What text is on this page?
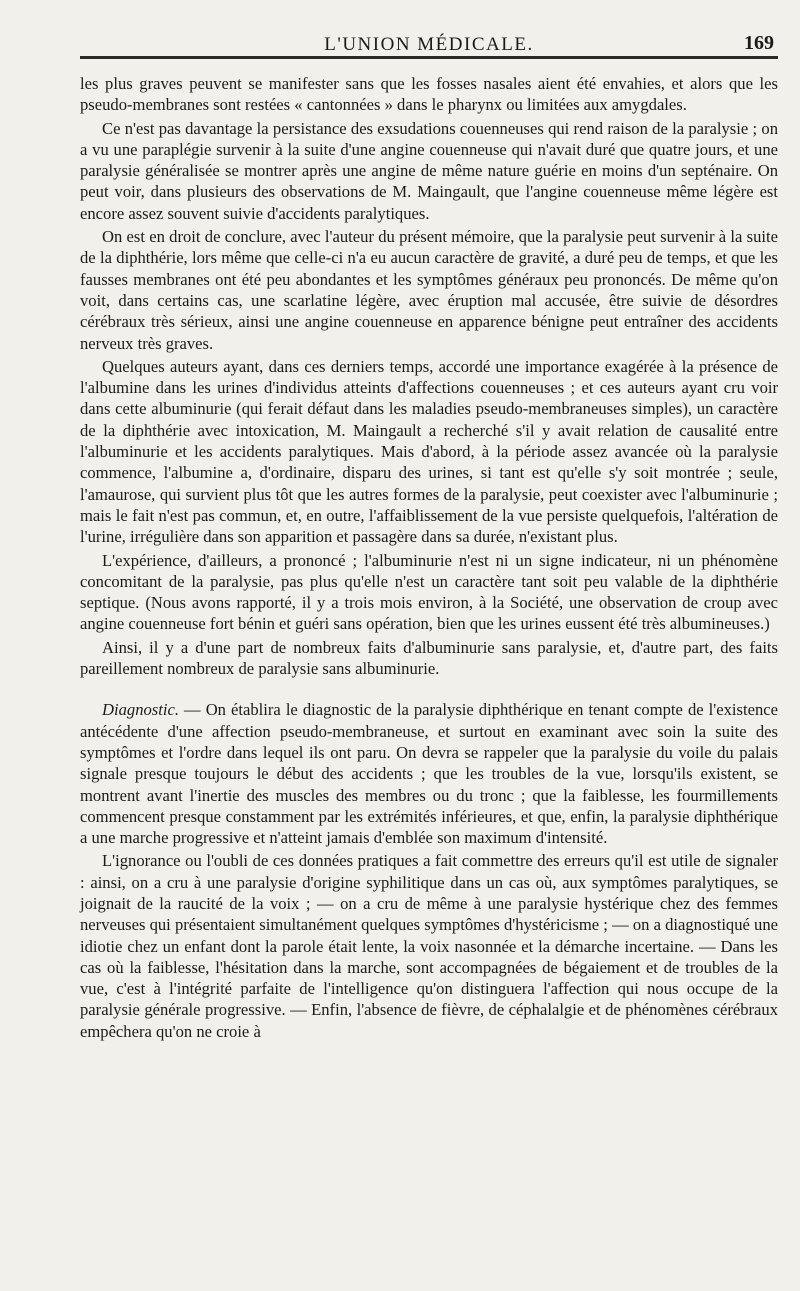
L'UNION MÉDICALE.	169

les plus graves peuvent se manifester sans que les fosses nasales aient été envahies, et alors que les pseudo-membranes sont restées « cantonnées » dans le pharynx ou limitées aux amygdales.

Ce n'est pas davantage la persistance des exsudations couenneuses qui rend raison de la paralysie ; on a vu une paraplégie survenir à la suite d'une angine couenneuse qui n'avait duré que quatre jours, et une paralysie généralisée se montrer après une angine de même nature guérie en moins d'un septénaire. On peut voir, dans plusieurs des observations de M. Maingault, que l'angine couenneuse même légère est encore assez souvent suivie d'accidents paralytiques.

On est en droit de conclure, avec l'auteur du présent mémoire, que la paralysie peut survenir à la suite de la diphthérie, lors même que celle-ci n'a eu aucun caractère de gravité, a duré peu de temps, et que les fausses membranes ont été peu abondantes et les symptômes généraux peu prononcés. De même qu'on voit, dans certains cas, une scarlatine légère, avec éruption mal accusée, être suivie de désordres cérébraux très sérieux, ainsi une angine couenneuse en apparence bénigne peut entraîner des accidents nerveux très graves.

Quelques auteurs ayant, dans ces derniers temps, accordé une importance exagérée à la présence de l'albumine dans les urines d'individus atteints d'affections couenneuses ; et ces auteurs ayant cru voir dans cette albuminurie (qui ferait défaut dans les maladies pseudo-membraneuses simples), un caractère de la diphthérie avec intoxication, M. Maingault a recherché s'il y avait relation de causalité entre l'albuminurie et les accidents paralytiques. Mais d'abord, à la période assez avancée où la paralysie commence, l'albumine a, d'ordinaire, disparu des urines, si tant est qu'elle s'y soit montrée ; seule, l'amaurose, qui survient plus tôt que les autres formes de la paralysie, peut coexister avec l'albuminurie ; mais le fait n'est pas commun, et, en outre, l'affaiblissement de la vue persiste quelquefois, l'altération de l'urine, irrégulière dans son apparition et passagère dans sa durée, n'existant plus.

L'expérience, d'ailleurs, a prononcé ; l'albuminurie n'est ni un signe indicateur, ni un phénomène concomitant de la paralysie, pas plus qu'elle n'est un caractère tant soit peu valable de la diphthérie septique. (Nous avons rapporté, il y a trois mois environ, à la Société, une observation de croup avec angine couenneuse fort bénin et guéri sans opération, bien que les urines eussent été très albumineuses.)

Ainsi, il y a d'une part de nombreux faits d'albuminurie sans paralysie, et, d'autre part, des faits pareillement nombreux de paralysie sans albuminurie.

Diagnostic. — On établira le diagnostic de la paralysie diphthérique en tenant compte de l'existence antécédente d'une affection pseudo-membraneuse, et surtout en examinant avec soin la suite des symptômes et l'ordre dans lequel ils ont paru. On devra se rappeler que la paralysie du voile du palais signale presque toujours le début des accidents ; que les troubles de la vue, lorsqu'ils existent, se montrent avant l'inertie des muscles des membres ou du tronc ; que la faiblesse, les fourmillements commencent presque constamment par les extrémités inférieures, et que, enfin, la paralysie diphthérique a une marche progressive et n'atteint jamais d'emblée son maximum d'intensité.

L'ignorance ou l'oubli de ces données pratiques a fait commettre des erreurs qu'il est utile de signaler : ainsi, on a cru à une paralysie d'origine syphilitique dans un cas où, aux symptômes paralytiques, se joignait de la raucité de la voix ; — on a cru de même à une paralysie hystérique chez des femmes nerveuses qui présentaient simultanément quelques symptômes d'hystéricisme ; — on a diagnostiqué une idiotie chez un enfant dont la parole était lente, la voix nasonnée et la démarche incertaine. — Dans les cas où la faiblesse, l'hésitation dans la marche, sont accompagnées de bégaiement et de troubles de la vue, c'est à l'intégrité parfaite de l'intelligence qu'on distinguera l'affection qui nous occupe de la paralysie générale progressive. — Enfin, l'absence de fièvre, de céphalalgie et de phénomènes cérébraux empêchera qu'on ne croie à
